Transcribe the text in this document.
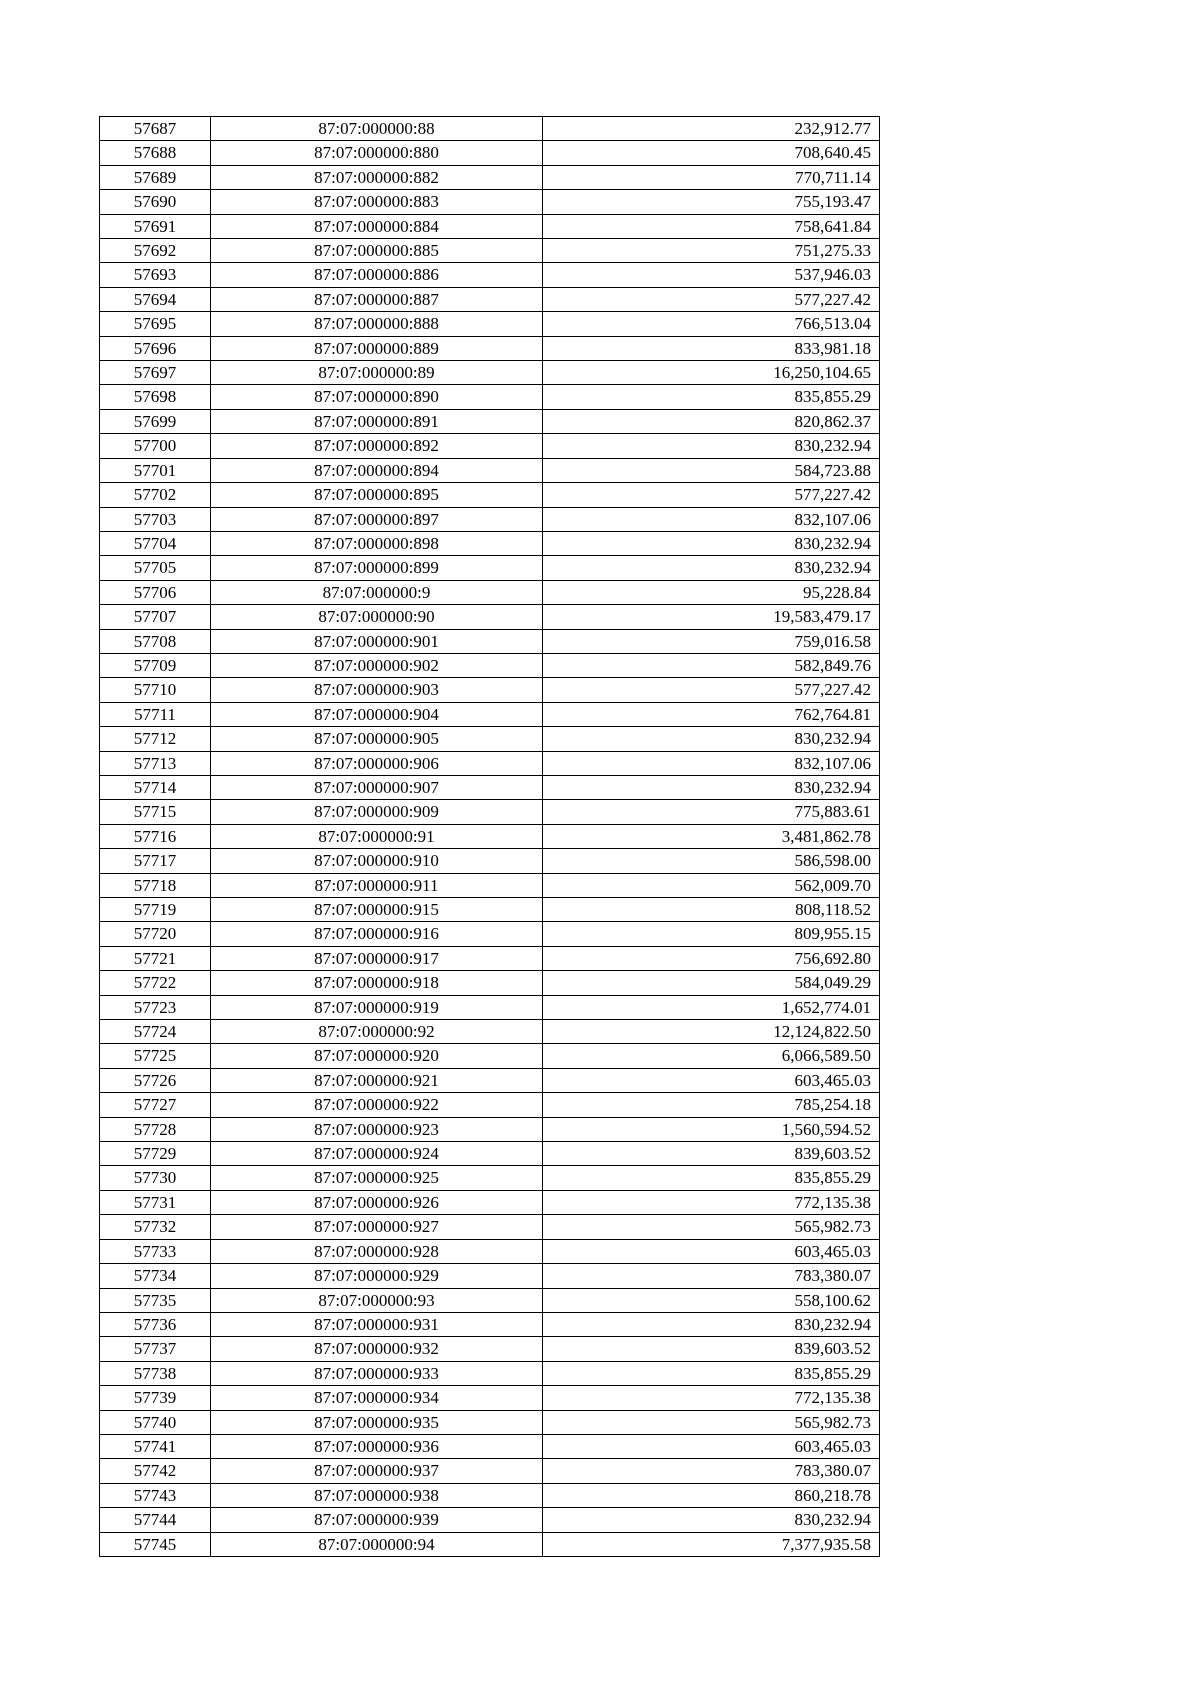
57687	87:07:000000:88	232,912.77
57688	87:07:000000:880	708,640.45
57689	87:07:000000:882	770,711.14
57690	87:07:000000:883	755,193.47
57691	87:07:000000:884	758,641.84
57692	87:07:000000:885	751,275.33
57693	87:07:000000:886	537,946.03
57694	87:07:000000:887	577,227.42
57695	87:07:000000:888	766,513.04
57696	87:07:000000:889	833,981.18
57697	87:07:000000:89	16,250,104.65
57698	87:07:000000:890	835,855.29
57699	87:07:000000:891	820,862.37
57700	87:07:000000:892	830,232.94
57701	87:07:000000:894	584,723.88
57702	87:07:000000:895	577,227.42
57703	87:07:000000:897	832,107.06
57704	87:07:000000:898	830,232.94
57705	87:07:000000:899	830,232.94
57706	87:07:000000:9	95,228.84
57707	87:07:000000:90	19,583,479.17
57708	87:07:000000:901	759,016.58
57709	87:07:000000:902	582,849.76
57710	87:07:000000:903	577,227.42
57711	87:07:000000:904	762,764.81
57712	87:07:000000:905	830,232.94
57713	87:07:000000:906	832,107.06
57714	87:07:000000:907	830,232.94
57715	87:07:000000:909	775,883.61
57716	87:07:000000:91	3,481,862.78
57717	87:07:000000:910	586,598.00
57718	87:07:000000:911	562,009.70
57719	87:07:000000:915	808,118.52
57720	87:07:000000:916	809,955.15
57721	87:07:000000:917	756,692.80
57722	87:07:000000:918	584,049.29
57723	87:07:000000:919	1,652,774.01
57724	87:07:000000:92	12,124,822.50
57725	87:07:000000:920	6,066,589.50
57726	87:07:000000:921	603,465.03
57727	87:07:000000:922	785,254.18
57728	87:07:000000:923	1,560,594.52
57729	87:07:000000:924	839,603.52
57730	87:07:000000:925	835,855.29
57731	87:07:000000:926	772,135.38
57732	87:07:000000:927	565,982.73
57733	87:07:000000:928	603,465.03
57734	87:07:000000:929	783,380.07
57735	87:07:000000:93	558,100.62
57736	87:07:000000:931	830,232.94
57737	87:07:000000:932	839,603.52
57738	87:07:000000:933	835,855.29
57739	87:07:000000:934	772,135.38
57740	87:07:000000:935	565,982.73
57741	87:07:000000:936	603,465.03
57742	87:07:000000:937	783,380.07
57743	87:07:000000:938	860,218.78
57744	87:07:000000:939	830,232.94
57745	87:07:000000:94	7,377,935.58
